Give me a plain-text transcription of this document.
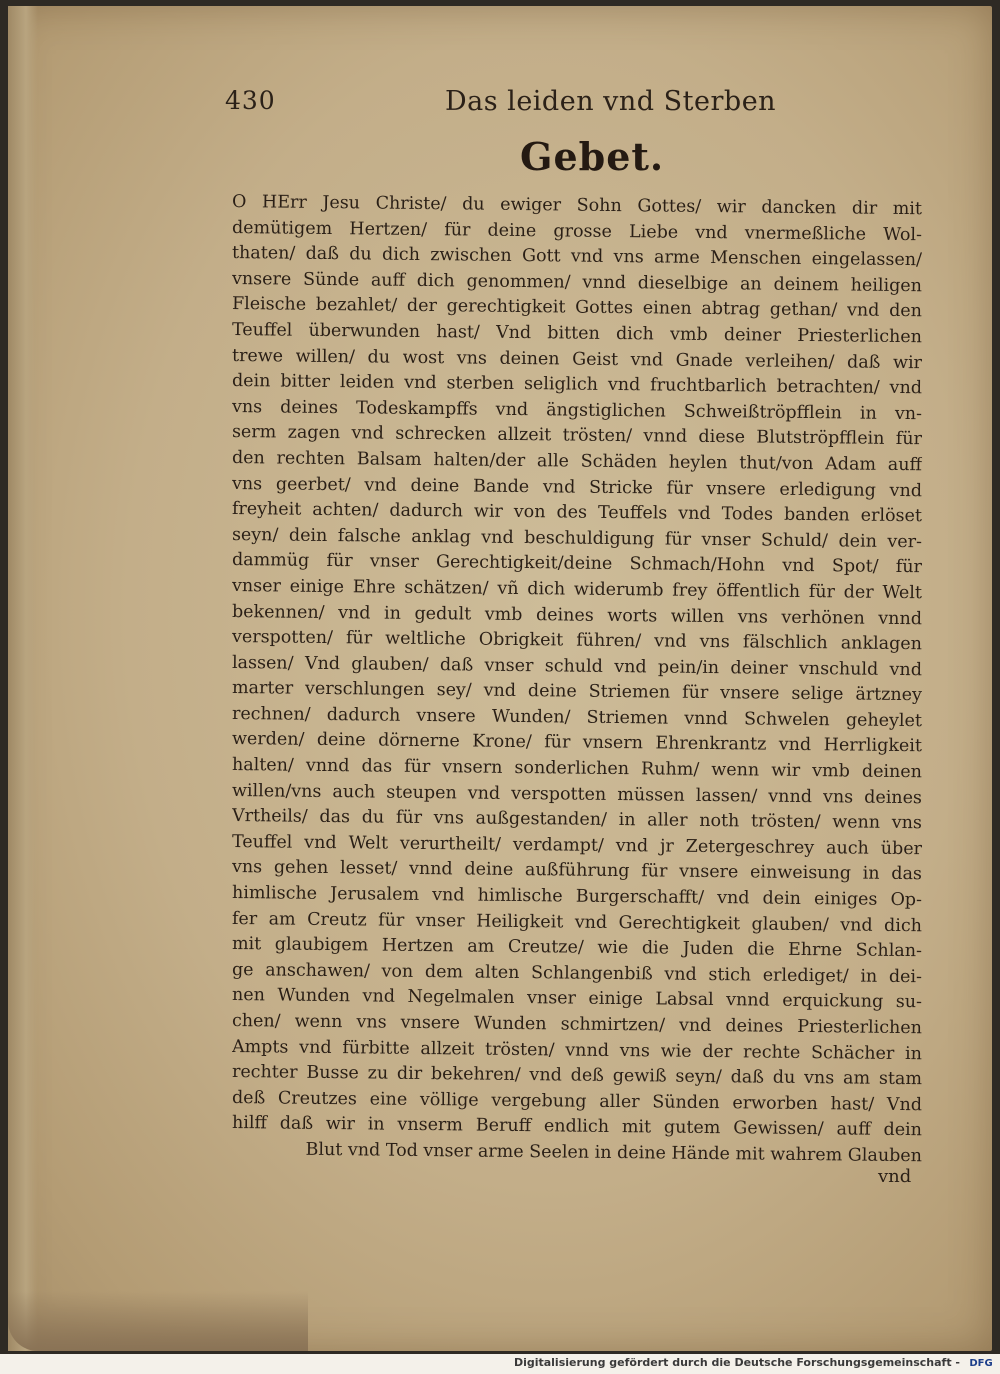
430	Das leiden vnd Sterben
Gebet.
O HErr Jesu Christe/ du ewiger Sohn Gottes/ wir dancken dir mit
demütigem Hertzen/ für deine grosse Liebe vnd vnermeßliche Wol-
thaten/ daß du dich zwischen Gott vnd vns arme Menschen eingelassen/
vnsere Sünde auff dich genommen/ vnnd dieselbige an deinem heiligen
Fleische bezahlet/ der gerechtigkeit Gottes einen abtrag gethan/ vnd den
Teuffel überwunden hast/ Vnd bitten dich vmb deiner Priesterlichen
trewe willen/ du wost vns deinen Geist vnd Gnade verleihen/ daß wir
dein bitter leiden vnd sterben seliglich vnd fruchtbarlich betrachten/ vnd
vns deines Todeskampffs vnd ängstiglichen Schweißtröpfflein in vn-
serm zagen vnd schrecken allzeit trösten/ vnnd diese Blutströpfflein für
den rechten Balsam halten/der alle Schäden heylen thut/von Adam auff
vns geerbet/ vnd deine Bande vnd Stricke für vnsere erledigung vnd
freyheit achten/ dadurch wir von des Teuffels vnd Todes banden erlöset
seyn/ dein falsche anklag vnd beschuldigung für vnser Schuld/ dein ver-
dammüg für vnser Gerechtigkeit/deine Schmach/Hohn vnd Spot/ für
vnser einige Ehre schätzen/ vñ dich widerumb frey öffentlich für der Welt
bekennen/ vnd in gedult vmb deines worts willen vns verhönen vnnd
verspotten/ für weltliche Obrigkeit führen/ vnd vns fälschlich anklagen
lassen/ Vnd glauben/ daß vnser schuld vnd pein/in deiner vnschuld vnd
marter verschlungen sey/ vnd deine Striemen für vnsere selige ärtzney
rechnen/ dadurch vnsere Wunden/ Striemen vnnd Schwelen geheylet
werden/ deine dörnerne Krone/ für vnsern Ehrenkrantz vnd Herrligkeit
halten/ vnnd das für vnsern sonderlichen Ruhm/ wenn wir vmb deinen
willen/vns auch steupen vnd verspotten müssen lassen/ vnnd vns deines
Vrtheils/ das du für vns außgestanden/ in aller noth trösten/ wenn vns
Teuffel vnd Welt verurtheilt/ verdampt/ vnd jr Zetergeschrey auch über
vns gehen lesset/ vnnd deine außführung für vnsere einweisung in das
himlische Jerusalem vnd himlische Burgerschafft/ vnd dein einiges Op-
fer am Creutz für vnser Heiligkeit vnd Gerechtigkeit glauben/ vnd dich
mit glaubigem Hertzen am Creutze/ wie die Juden die Ehrne Schlan-
ge anschawen/ von dem alten Schlangenbiß vnd stich erlediget/ in dei-
nen Wunden vnd Negelmalen vnser einige Labsal vnnd erquickung su-
chen/ wenn vns vnsere Wunden schmirtzen/ vnd deines Priesterlichen
Ampts vnd fürbitte allzeit trösten/ vnnd vns wie der rechte Schächer in
rechter Busse zu dir bekehren/ vnd deß gewiß seyn/ daß du vns am stam
deß Creutzes eine völlige vergebung aller Sünden erworben hast/ Vnd
hilff daß wir in vnserm Beruff endlich mit gutem Gewissen/ auff dein
Blut vnd Tod vnser arme Seelen in deine Hände mit wahrem Glauben
vnd
Digitalisierung gefördert durch die Deutsche Forschungsgemeinschaft - DFG
